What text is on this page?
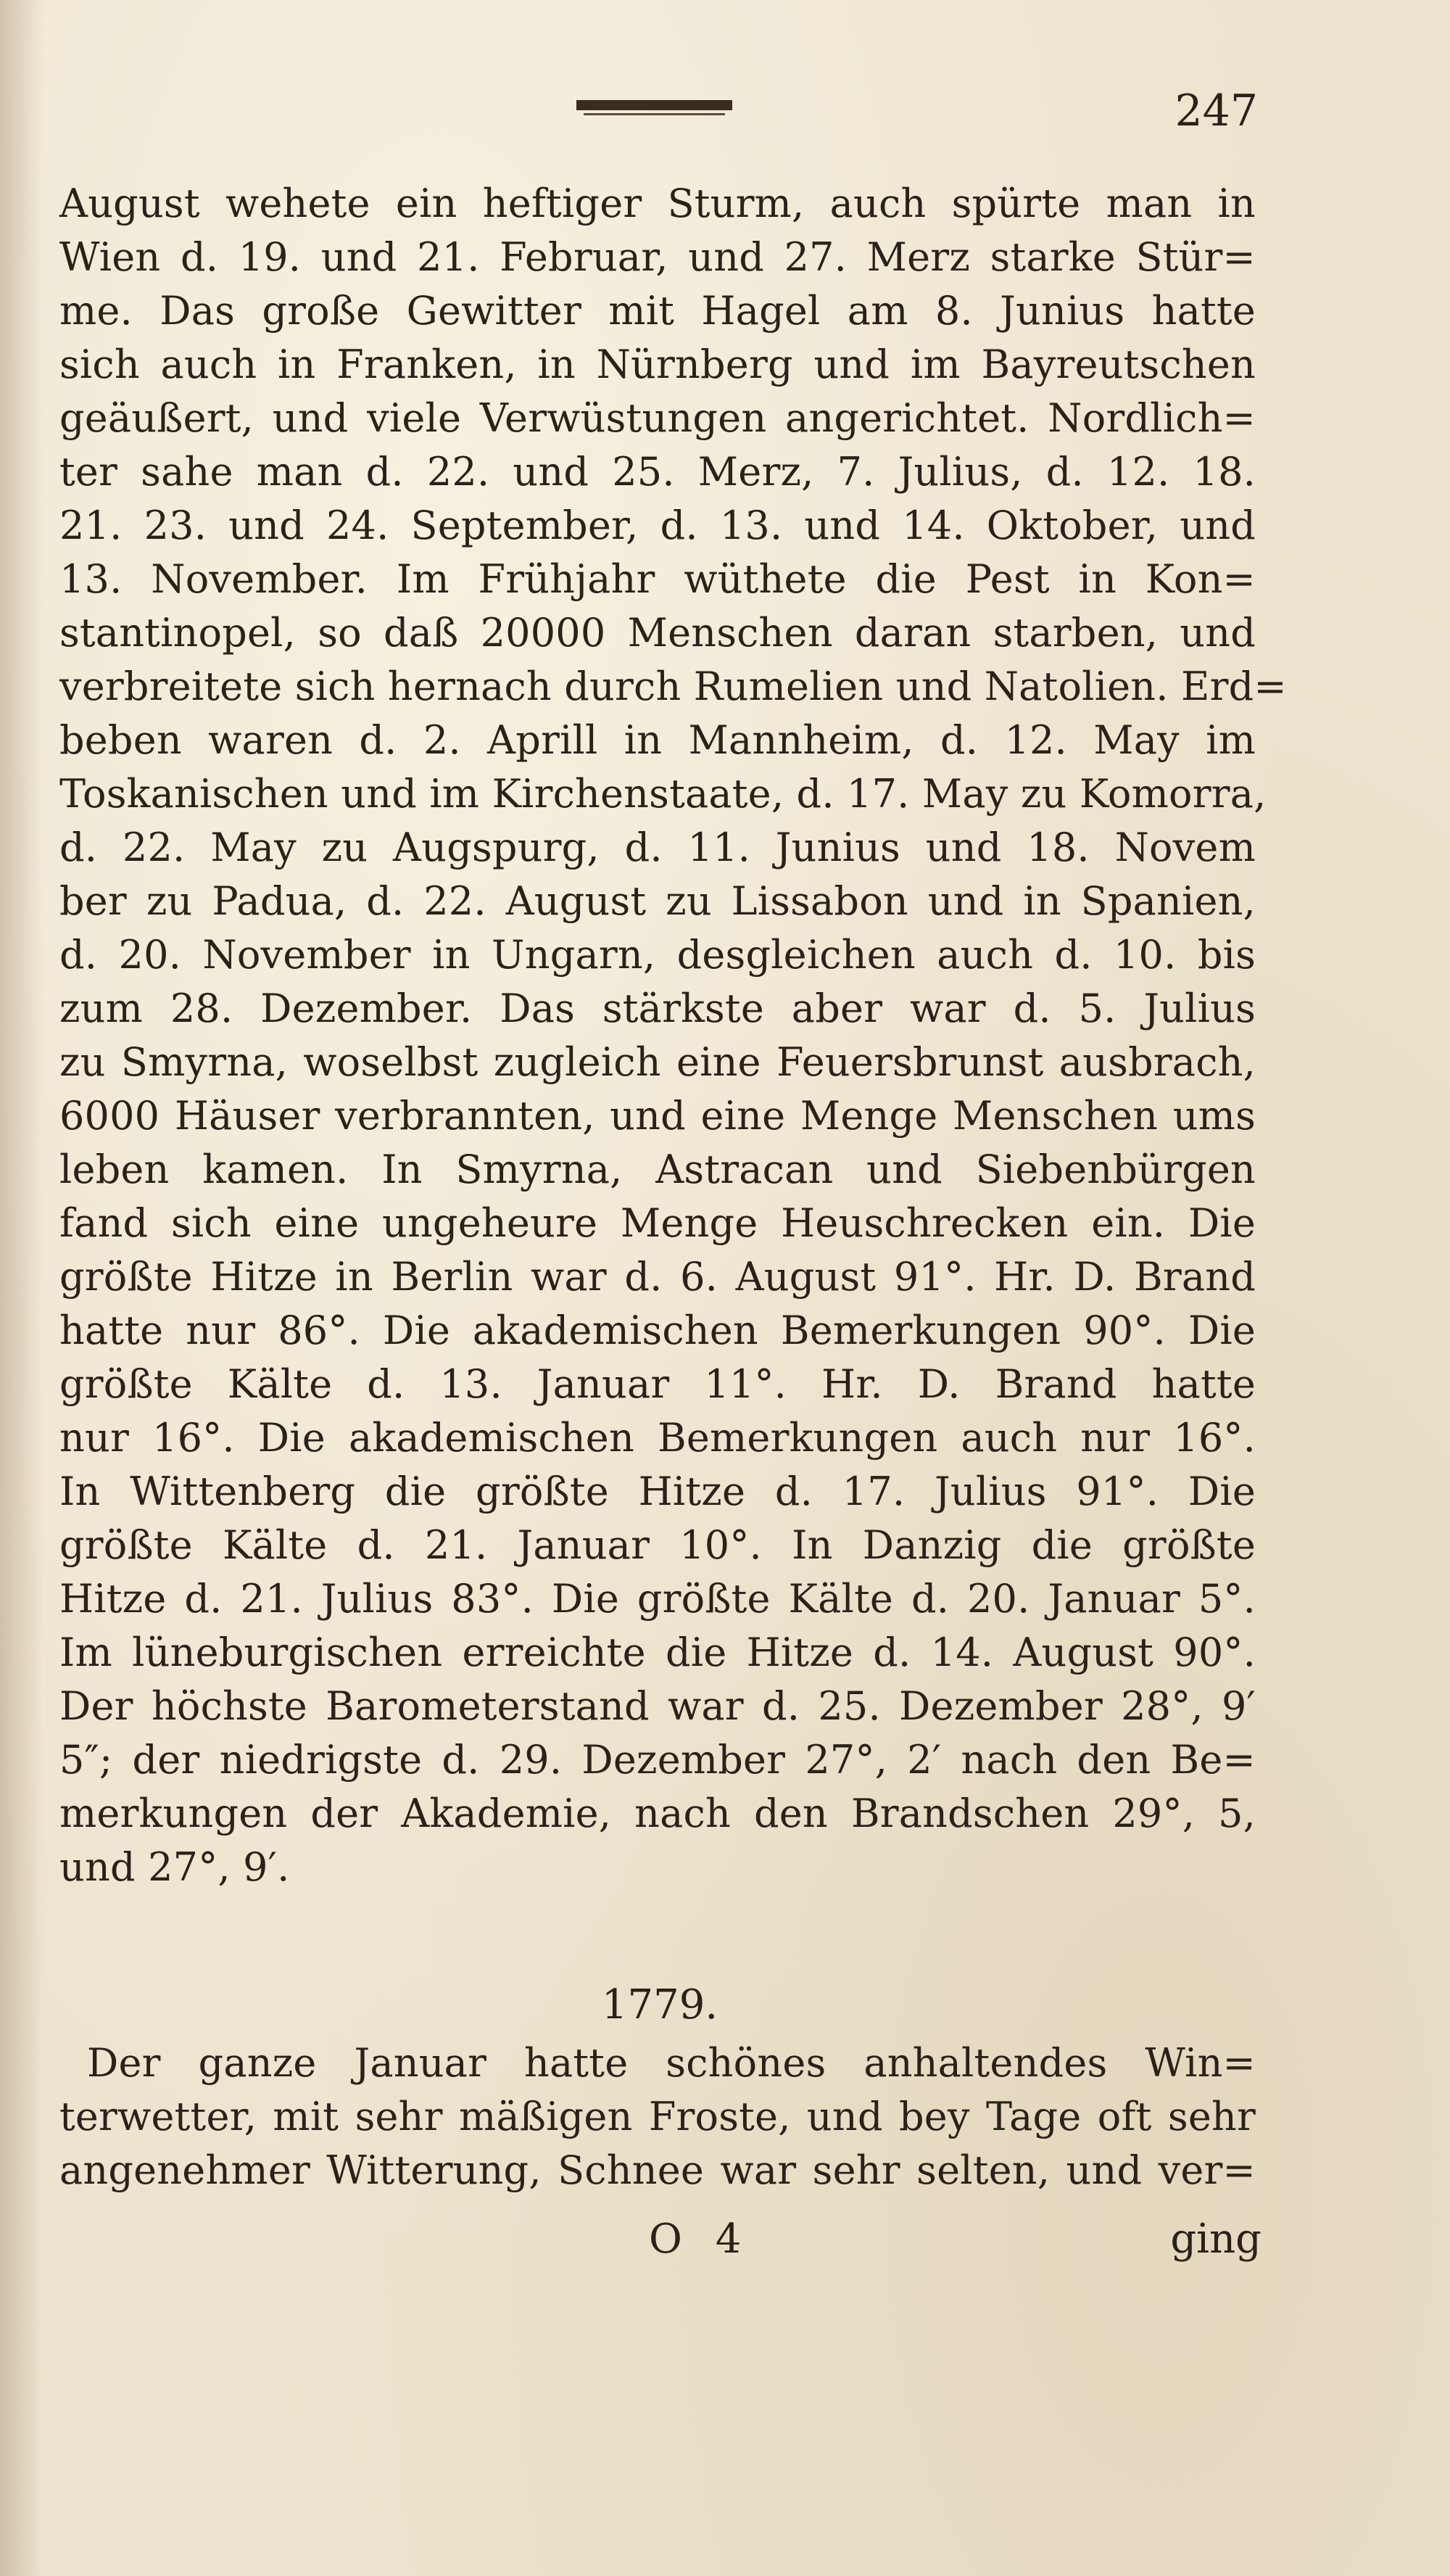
247
August wehete ein heftiger Sturm, auch spürte man in
Wien d. 19. und 21. Februar, und 27. Merz starke Stür=
me. Das große Gewitter mit Hagel am 8. Junius hatte
sich auch in Franken, in Nürnberg und im Bayreutschen
geäußert, und viele Verwüstungen angerichtet. Nordlich=
ter sahe man d. 22. und 25. Merz, 7. Julius, d. 12. 18.
21. 23. und 24. September, d. 13. und 14. Oktober, und
13. November. Im Frühjahr wüthete die Pest in Kon=
stantinopel, so daß 20000 Menschen daran starben, und
verbreitete sich hernach durch Rumelien und Natolien. Erd=
beben waren d. 2. Aprill in Mannheim, d. 12. May im
Toskanischen und im Kirchenstaate, d. 17. May zu Komorra,
d. 22. May zu Augspurg, d. 11. Junius und 18. Novem
ber zu Padua, d. 22. August zu Lissabon und in Spanien,
d. 20. November in Ungarn, desgleichen auch d. 10. bis
zum 28. Dezember. Das stärkste aber war d. 5. Julius
zu Smyrna, woselbst zugleich eine Feuersbrunst ausbrach,
6000 Häuser verbrannten, und eine Menge Menschen ums
leben kamen. In Smyrna, Astracan und Siebenbürgen
fand sich eine ungeheure Menge Heuschrecken ein. Die
größte Hitze in Berlin war d. 6. August 91°. Hr. D. Brand
hatte nur 86°. Die akademischen Bemerkungen 90°. Die
größte Kälte d. 13. Januar 11°. Hr. D. Brand hatte
nur 16°. Die akademischen Bemerkungen auch nur 16°.
In Wittenberg die größte Hitze d. 17. Julius 91°. Die
größte Kälte d. 21. Januar 10°. In Danzig die größte
Hitze d. 21. Julius 83°. Die größte Kälte d. 20. Januar 5°.
Im lüneburgischen erreichte die Hitze d. 14. August 90°.
Der höchste Barometerstand war d. 25. Dezember 28°, 9′
5″; der niedrigste d. 29. Dezember 27°, 2′ nach den Be=
merkungen der Akademie, nach den Brandschen 29°, 5,
und 27°, 9′.
1779.
Der ganze Januar hatte schönes anhaltendes Win=
terwetter, mit sehr mäßigen Froste, und bey Tage oft sehr
angenehmer Witterung, Schnee war sehr selten, und ver=
O 4	ging
